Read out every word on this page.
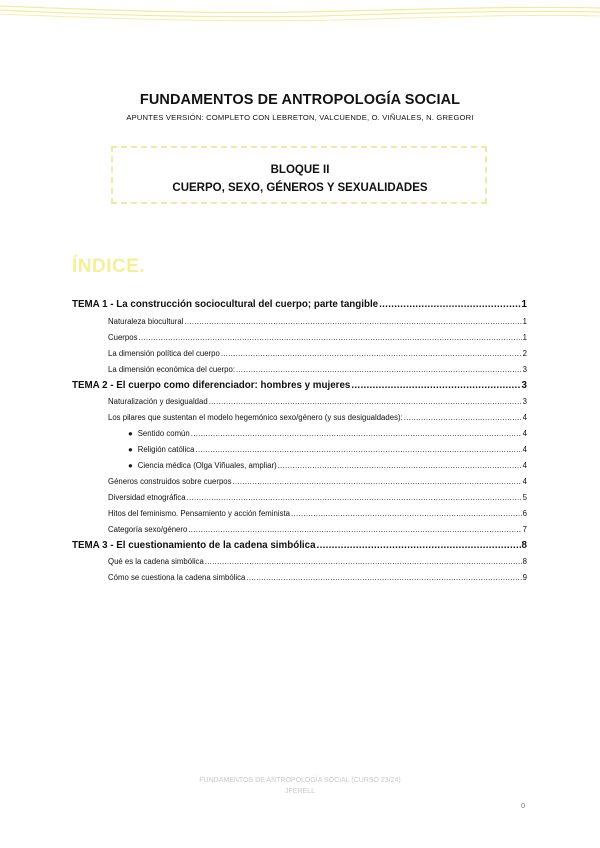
FUNDAMENTOS DE ANTROPOLOGÍA SOCIAL
APUNTES VERSIÓN: COMPLETO CON LEBRETON, VALCUENDE, O. VIÑUALES, N. GREGORI
BLOQUE II
CUERPO, SEXO, GÉNEROS Y SEXUALIDADES
ÍNDICE.
TEMA 1 - La construcción sociocultural del cuerpo; parte tangible .....	1
Naturaleza biocultural .....	1
Cuerpos .....	1
La dimensión política del cuerpo .....	2
La dimensión económica del cuerpo: .....	3
TEMA 2 - El cuerpo como diferenciador: hombres y mujeres .....	3
Naturalización y desigualdad .....	3
Los pilares que sustentan el modelo hegemónico sexo/género (y sus desigualdades): .....	4
● Sentido común .....	4
● Religión católica .....	4
● Ciencia médica (Olga Viñuales, ampliar) .....	4
Géneros construidos sobre cuerpos .....	4
Diversidad etnográfica .....	5
Hitos del feminismo. Pensamiento y acción feminista .....	6
Categoría sexo/género .....	7
TEMA 3 - El cuestionamiento de la cadena simbólica .....	8
Qué es la cadena simbólica .....	8
Cómo se cuestiona la cadena simbólica .....	9
FUNDAMENTOS DE ANTROPOLOGÍA SOCIAL (CURSO 23/24)
JFERELL
0
